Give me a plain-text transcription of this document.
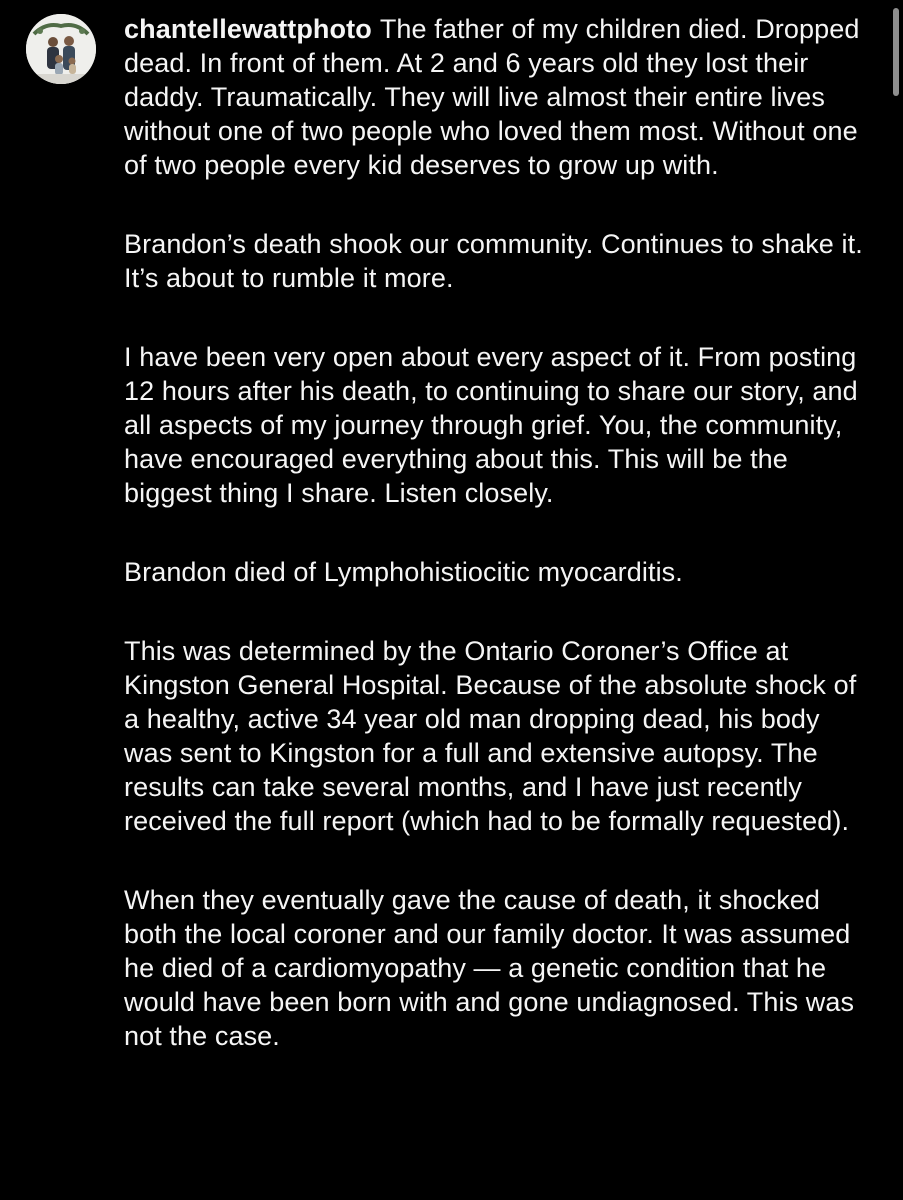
chantellewattphoto The father of my children died. Dropped dead. In front of them. At 2 and 6 years old they lost their daddy. Traumatically. They will live almost their entire lives without one of two people who loved them most. Without one of two people every kid deserves to grow up with.

Brandon’s death shook our community. Continues to shake it. It’s about to rumble it more.

I have been very open about every aspect of it. From posting 12 hours after his death, to continuing to share our story, and all aspects of my journey through grief. You, the community, have encouraged everything about this. This will be the biggest thing I share. Listen closely.

Brandon died of Lymphohistiocitic myocarditis.

This was determined by the Ontario Coroner’s Office at Kingston General Hospital. Because of the absolute shock of a healthy, active 34 year old man dropping dead, his body was sent to Kingston for a full and extensive autopsy. The results can take several months, and I have just recently received the full report (which had to be formally requested).

When they eventually gave the cause of death, it shocked both the local coroner and our family doctor. It was assumed he died of a cardiomyopathy — a genetic condition that he would have been born with and gone undiagnosed. This was not the case.
